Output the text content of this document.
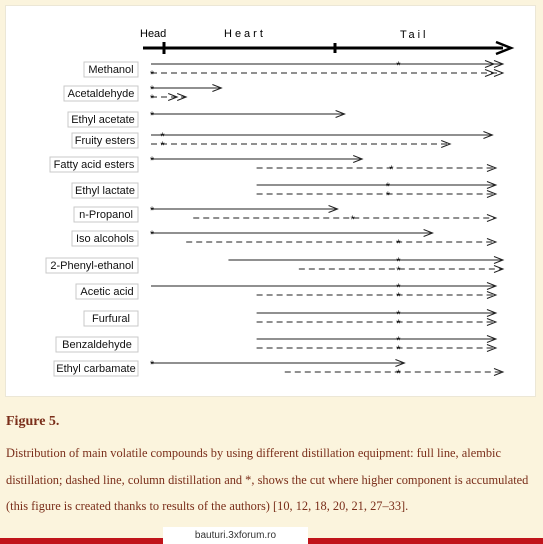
Head	Heart	Tail
Methanol	*
*
Acetaldehyde *
*
Ethyl acetate *
Fruity esters *
*
Fatty acid esters *
*
Ethyl lactate	*
*
n-Propanol *
*
Iso alcohols *
*
2-Phenyl-ethanol	*
*
Acetic acid	*
*
Furfural	*
*
Benzaldehyde	*
*
Ethyl carbamate *
*
Figure 5.

Distribution of main volatile compounds by using different distillation equipment: full line, alembic distillation; dashed line, column distillation and *, shows the cut where higher component is accumulated (this figure is created thanks to results of the authors) [10, 12, 18, 20, 21, 27–33].

bauturi.3xforum.ro
